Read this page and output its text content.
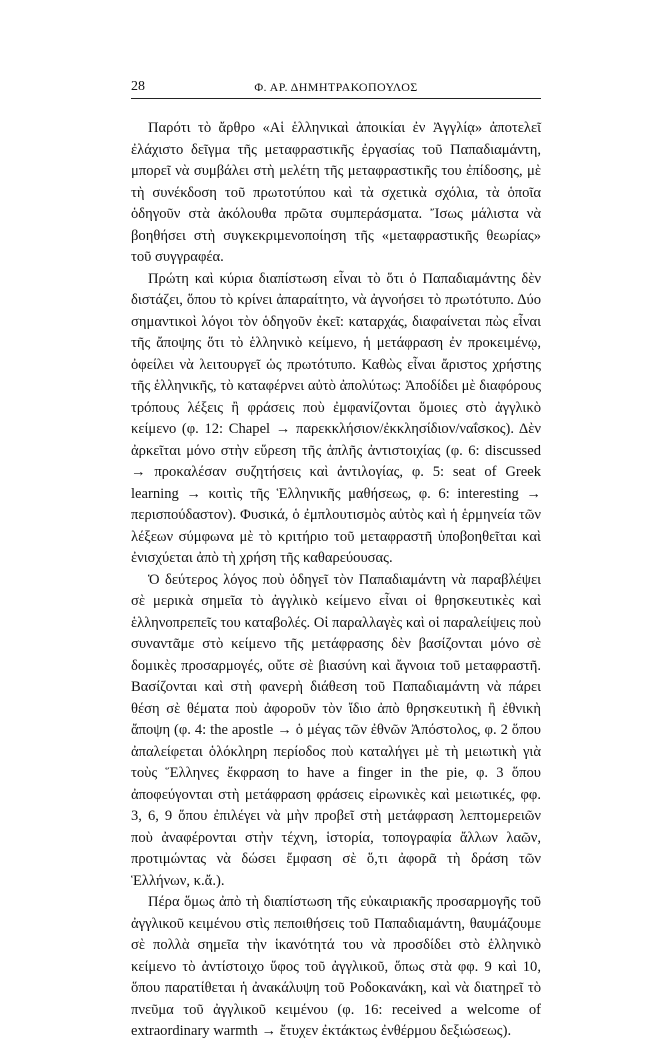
28	Φ. ΑΡ. ΔΗΜΗΤΡΑΚΟΠΟΥΛΟΣ

Παρότι τὸ ἄρθρο «Αἱ ἑλληνικαὶ ἀποικίαι ἐν Ἀγγλίᾳ» ἀποτελεῖ ἐλάχιστο δεῖγμα τῆς μεταφραστικῆς ἐργασίας τοῦ Παπαδιαμάντη, μπορεῖ νὰ συμβάλει στὴ μελέτη τῆς μεταφραστικῆς του ἐπίδοσης, μὲ τὴ συνέκδοση τοῦ πρωτοτύπου καὶ τὰ σχετικὰ σχόλια, τὰ ὁποῖα ὁδηγοῦν στὰ ἀκόλουθα πρῶτα συμπεράσματα. Ἴσως μάλιστα νὰ βοηθήσει στὴ συγκεκριμενοποίηση τῆς «μεταφραστικῆς θεωρίας» τοῦ συγγραφέα.

Πρώτη καὶ κύρια διαπίστωση εἶναι τὸ ὅτι ὁ Παπαδιαμάντης δὲν διστάζει, ὅπου τὸ κρίνει ἀπαραίτητο, νὰ ἀγνοήσει τὸ πρωτότυπο. Δύο σημαντικοὶ λόγοι τὸν ὁδηγοῦν ἐκεῖ: καταρχάς, διαφαίνεται πὼς εἶναι τῆς ἄποψης ὅτι τὸ ἑλληνικὸ κείμενο, ἡ μετάφραση ἐν προκειμένῳ, ὀφείλει νὰ λειτουργεῖ ὡς πρωτότυπο. Καθὼς εἶναι ἄριστος χρήστης τῆς ἑλληνικῆς, τὸ καταφέρνει αὐτὸ ἀπολύτως: Ἀποδίδει μὲ διαφόρους τρόπους λέξεις ἢ φράσεις ποὺ ἐμφανίζονται ὅμοιες στὸ ἀγγλικὸ κείμενο (φ. 12: Chapel → παρεκκλήσιον/ἐκκλησίδιον/ναΐσκος). Δὲν ἀρκεῖται μόνο στὴν εὕρεση τῆς ἁπλῆς ἀντιστοιχίας (φ. 6: discussed → προκαλέσαν συζητήσεις καὶ ἀντιλογίας, φ. 5: seat of Greek learning → κοιτὶς τῆς Ἑλληνικῆς μαθήσεως, φ. 6: interesting → περισπούδαστον). Φυσικά, ὁ ἐμπλουτισμὸς αὐτὸς καὶ ἡ ἑρμηνεία τῶν λέξεων σύμφωνα μὲ τὸ κριτήριο τοῦ μεταφραστῆ ὑποβοηθεῖται καὶ ἐνισχύεται ἀπὸ τὴ χρήση τῆς καθαρεύουσας.

Ὁ δεύτερος λόγος ποὺ ὁδηγεῖ τὸν Παπαδιαμάντη νὰ παραβλέψει σὲ μερικὰ σημεῖα τὸ ἀγγλικὸ κείμενο εἶναι οἱ θρησκευτικὲς καὶ ἑλληνοπρεπεῖς του καταβολές. Οἱ παραλλαγὲς καὶ οἱ παραλείψεις ποὺ συναντᾶμε στὸ κείμενο τῆς μετάφρασης δὲν βασίζονται μόνο σὲ δομικὲς προσαρμογές, οὔτε σὲ βιασύνη καὶ ἄγνοια τοῦ μεταφραστῆ. Βασίζονται καὶ στὴ φανερὴ διάθεση τοῦ Παπαδιαμάντη νὰ πάρει θέση σὲ θέματα ποὺ ἀφοροῦν τὸν ἴδιο ἀπὸ θρησκευτικὴ ἢ ἐθνικὴ ἄποψη (φ. 4: the apostle → ὁ μέγας τῶν ἐθνῶν Ἀπόστολος, φ. 2 ὅπου ἀπαλείφεται ὁλόκληρη περίοδος ποὺ καταλήγει μὲ τὴ μειωτικὴ γιὰ τοὺς Ἕλληνες ἔκφραση to have a finger in the pie, φ. 3 ὅπου ἀποφεύγονται στὴ μετάφραση φράσεις εἰρωνικὲς καὶ μειωτικές, φφ. 3, 6, 9 ὅπου ἐπιλέγει νὰ μὴν προβεῖ στὴ μετάφραση λεπτομερειῶν ποὺ ἀναφέρονται στὴν τέχνη, ἱστορία, τοπογραφία ἄλλων λαῶν, προτιμώντας νὰ δώσει ἔμφαση σὲ ὅ,τι ἀφορᾶ τὴ δράση τῶν Ἑλλήνων, κ.ἄ.).

Πέρα ὅμως ἀπὸ τὴ διαπίστωση τῆς εὐκαιριακῆς προσαρμογῆς τοῦ ἀγγλικοῦ κειμένου στὶς πεποιθήσεις τοῦ Παπαδιαμάντη, θαυμάζουμε σὲ πολλὰ σημεῖα τὴν ἱκανότητά του νὰ προσδίδει στὸ ἑλληνικὸ κείμενο τὸ ἀντίστοιχο ὕφος τοῦ ἀγγλικοῦ, ὅπως στὰ φφ. 9 καὶ 10, ὅπου παρατίθεται ἡ ἀνακάλυψη τοῦ Ροδοκανάκη, καὶ νὰ διατηρεῖ τὸ πνεῦμα τοῦ ἀγγλικοῦ κειμένου (φ. 16: received a welcome of extraordinary warmth → ἔτυχεν ἐκτάκτως ἐνθέρμου δεξιώσεως).
